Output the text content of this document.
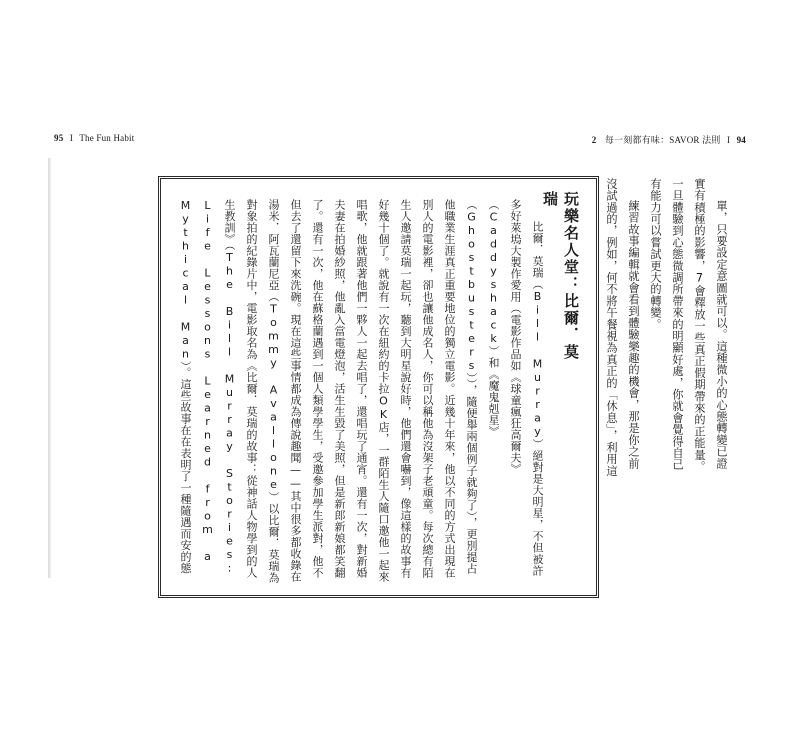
95 I The Fun Habit	2 每一刻都有味：SAVOR 法則 I 94

單，只要設定意圖就可以。這種微小的心態轉變已證實有積極的影響，7會釋放一些真正假期帶來的正能量。一旦體驗到心態微調所帶來的明顯好處，你就會覺得自己有能力可以嘗試更大的轉變。

練習故事編輯就會看到體驗樂趣的機會，那是你之前沒試過的，例如，何不將午餐視為真正的「休息」，利用這

玩樂名人堂：比爾．莫瑞

比爾．莫瑞（Bill Murray）絕對是大明星，不但被許多好萊塢大製作愛用（電影作品如《球童瘋狂高爾夫》（Caddyshack）和《魔鬼剋星》（Ghostbusters）），隨便舉兩個例子就夠了），更別提占他職業生涯真正重要地位的獨立電影。近幾十年來，他以不同的方式出現在別人的電影裡，卻也讓他成名人，你可以稱他為沒架子老頑童。每次總有陌生人邀請莫瑞一起玩，聽到大明星說好時，他們還會嚇到，像這樣的故事有好幾十個了。就說有一次在紐約的卡拉OK店，一群陌生人隨口邀他一起來唱歌，他就跟著他們一夥人一起去唱了，還唱玩了通宵。還有一次，對新婚夫妻在拍婚紗照，他亂入當電燈泡，活生生毀了美照，但是新郎新娘都笑翻了。還有一次，他在蘇格蘭遇到一個人類學學生，受邀參加學生派對，他不但去了還留下來洗碗。現在這些事情都成為傳說趣聞——其中很多都收錄在湯米．阿瓦蘭尼亞（Tommy Avallone）以比爾．莫瑞為對象拍的紀錄片中，電影取名為《比爾．莫瑞的故事：從神話人物學到的人生教訓》（The Bill Murray Stories: Life Lessons Learned from a Mythical Man）。這些故事在在表明了一種隨遇而安的態
